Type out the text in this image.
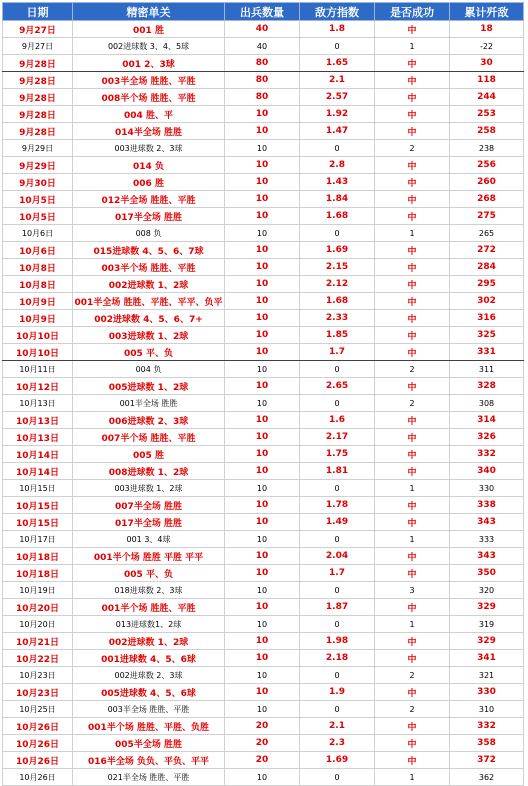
日期	精密单关	出兵数量	敌方指数	是否成功	累计歼敌
9月27日	001 胜	40	1.8	中	18
9月27日	002进球数 3、4、5球	40	0	1	-22
9月28日	001 2、3球	80	1.65	中	30
9月28日	003半全场 胜胜、平胜	80	2.1	中	118
9月28日	008半个场 胜胜、平胜	80	2.57	中	244
9月28日	004 胜、平	10	1.92	中	253
9月28日	014半全场 胜胜	10	1.47	中	258
9月29日	003进球数 2、3球	10	0	2	238
9月29日	014 负	10	2.8	中	256
9月30日	006 胜	10	1.43	中	260
10月5日	012半全场 胜胜、平胜	10	1.84	中	268
10月5日	017半全场 胜胜	10	1.68	中	275
10月6日	008 负	10	0	1	265
10月6日	015进球数 4、5、6、7球	10	1.69	中	272
10月8日	003半个场 胜胜、平胜	10	2.15	中	284
10月8日	002进球数 1、2球	10	2.12	中	295
10月9日	001半全场 胜胜、平胜、平平、负平	10	1.68	中	302
10月9日	002进球数 4、5、6、7+	10	2.33	中	316
10月10日	003进球数 1、2球	10	1.85	中	325
10月10日	005 平、负	10	1.7	中	331
10月11日	004 负	10	0	2	311
10月12日	005进球数 1、2球	10	2.65	中	328
10月13日	001半全场 胜胜	10	0	2	308
10月13日	006进球数 2、3球	10	1.6	中	314
10月13日	007半个场 胜胜、平胜	10	2.17	中	326
10月14日	005 胜	10	1.75	中	332
10月14日	008进球数 1、2球	10	1.81	中	340
10月15日	003进球数 1、2球	10	0	1	330
10月15日	007半全场 胜胜	10	1.78	中	338
10月15日	017半全场 胜胜	10	1.49	中	343
10月17日	001 3、4球	10	0	1	333
10月18日	001半个场 胜胜 平胜 平平	10	2.04	中	343
10月18日	005 平、负	10	1.7	中	350
10月19日	018进球数 2、3球	10	0	3	320
10月20日	001半个场 胜胜、平胜	10	1.87	中	329
10月20日	013进球数1、2球	10	0	1	319
10月21日	002进球数 1、2球	10	1.98	中	329
10月22日	001进球数 4、5、6球	10	2.18	中	341
10月23日	002进球数 2、3球	10	0	2	321
10月23日	005进球数 4、5、6球	10	1.9	中	330
10月25日	003半全场 胜胜、平胜	10	0	2	310
10月26日	001半个场 胜胜、平胜、负胜	20	2.1	中	332
10月26日	005半全场 胜胜	20	2.3	中	358
10月26日	016半全场 负负、平负、平平	20	1.69	中	372
10月26日	021半全场 胜胜、平胜	10	0	1	362
